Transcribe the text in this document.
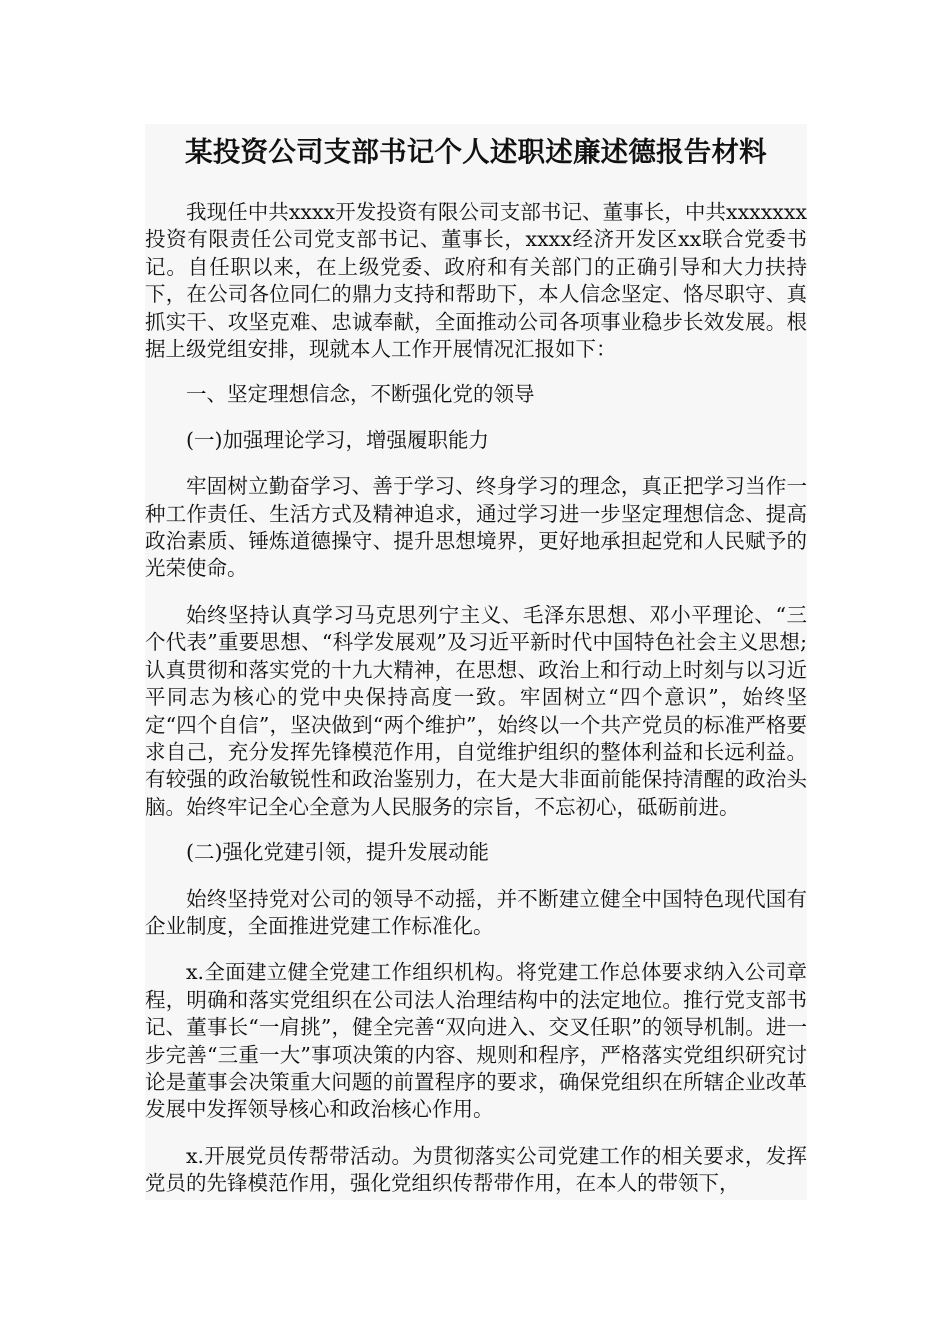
某投资公司支部书记个人述职述廉述德报告材料

我现任中共xxxx开发投资有限公司支部书记、董事长，中共xxxxxxx投资有限责任公司党支部书记、董事长，xxxx经济开发区xx联合党委书记。自任职以来，在上级党委、政府和有关部门的正确引导和大力扶持下，在公司各位同仁的鼎力支持和帮助下，本人信念坚定、恪尽职守、真抓实干、攻坚克难、忠诚奉献，全面推动公司各项事业稳步长效发展。根据上级党组安排，现就本人工作开展情况汇报如下：

一、坚定理想信念，不断强化党的领导

(一)加强理论学习，增强履职能力

牢固树立勤奋学习、善于学习、终身学习的理念，真正把学习当作一种工作责任、生活方式及精神追求，通过学习进一步坚定理想信念、提高政治素质、锤炼道德操守、提升思想境界，更好地承担起党和人民赋予的光荣使命。

始终坚持认真学习马克思列宁主义、毛泽东思想、邓小平理论、“三个代表”重要思想、“科学发展观”及习近平新时代中国特色社会主义思想;认真贯彻和落实党的十九大精神，在思想、政治上和行动上时刻与以习近平同志为核心的党中央保持高度一致。牢固树立“四个意识”，始终坚定“四个自信”，坚决做到“两个维护”，始终以一个共产党员的标准严格要求自己，充分发挥先锋模范作用，自觉维护组织的整体利益和长远利益。有较强的政治敏锐性和政治鉴别力，在大是大非面前能保持清醒的政治头脑。始终牢记全心全意为人民服务的宗旨，不忘初心，砥砺前进。

(二)强化党建引领，提升发展动能

始终坚持党对公司的领导不动摇，并不断建立健全中国特色现代国有企业制度，全面推进党建工作标准化。

x.全面建立健全党建工作组织机构。将党建工作总体要求纳入公司章程，明确和落实党组织在公司法人治理结构中的法定地位。推行党支部书记、董事长“一肩挑”，健全完善“双向进入、交叉任职”的领导机制。进一步完善“三重一大”事项决策的内容、规则和程序，严格落实党组织研究讨论是董事会决策重大问题的前置程序的要求，确保党组织在所辖企业改革发展中发挥领导核心和政治核心作用。

x.开展党员传帮带活动。为贯彻落实公司党建工作的相关要求，发挥党员的先锋模范作用，强化党组织传帮带作用，在本人的带领下，
